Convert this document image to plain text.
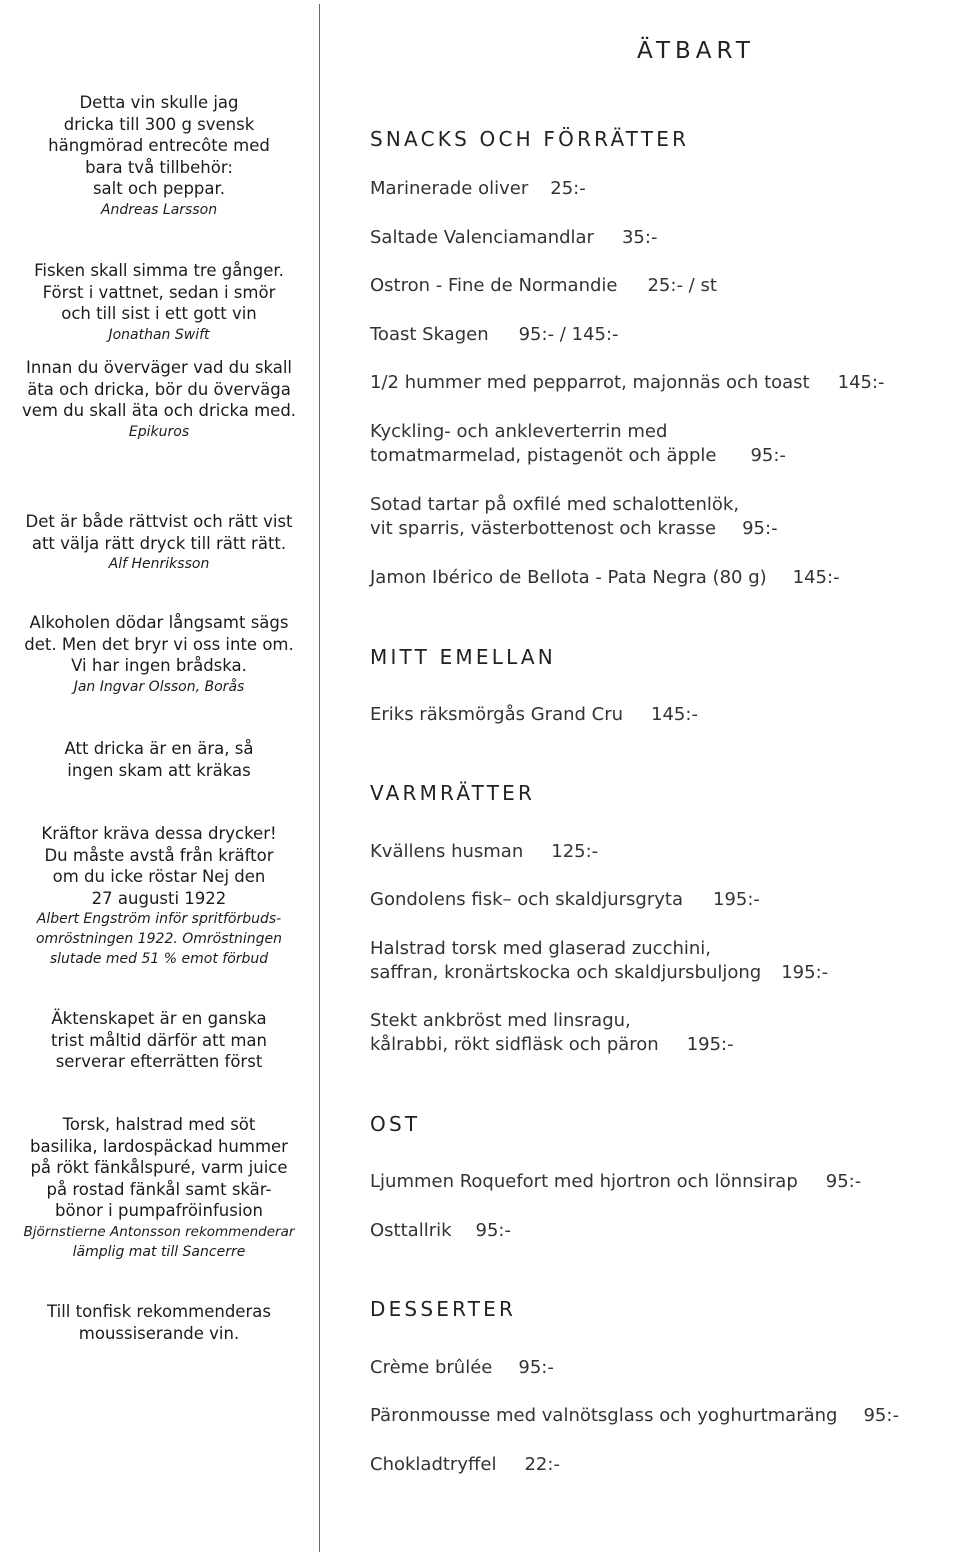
Detta vin skulle jag
dricka till 300 g svensk
hängmörad entrecôte med
bara två tillbehör:
salt och peppar.
Andreas Larsson
Fisken skall simma tre gånger.
Först i vattnet, sedan i smör
och till sist i ett gott vin
Jonathan Swift
Innan du överväger vad du skall
äta och dricka, bör du överväga
vem du skall äta och dricka med.
Epikuros
Det är både rättvist och rätt vist
att välja rätt dryck till rätt rätt.
Alf Henriksson
Alkoholen dödar långsamt sägs
det. Men det bryr vi oss inte om.
Vi har ingen brådska.
Jan Ingvar Olsson, Borås
Att dricka är en ära, så
ingen skam att kräkas
Kräftor kräva dessa drycker!
Du måste avstå från kräftor
om du icke röstar Nej den
27 augusti 1922
Albert Engström inför spritförbuds-
omröstningen 1922. Omröstningen
slutade med 51 % emot förbud
Äktenskapet är en ganska
trist måltid därför att man
serverar efterrätten först
Torsk, halstrad med söt
basilika, lardospäckad hummer
på rökt fänkålspuré, varm juice
på rostad fänkål samt skär-
bönor i pumpafröinfusion
Björnstierne Antonsson rekommenderar
lämplig mat till Sancerre
Till tonfisk rekommenderas
moussiserande vin.
ÄTBART
SNACKS OCH FÖRRÄTTER
Marinerade oliver 25:-
Saltade Valenciamandlar 35:-
Ostron - Fine de Normandie 25:- / st
Toast Skagen 95:- / 145:-
1/2 hummer med pepparrot, majonnäs och toast 145:-
Kyckling- och ankleverterrin med
tomatmarmelad, pistagenöt och äpple 95:-
Sotad tartar på oxfilé med schalottenlök,
vit sparris, västerbottenost och krasse 95:-
Jamon Ibérico de Bellota - Pata Negra (80 g) 145:-
MITT EMELLAN
Eriks räksmörgås Grand Cru 145:-
VARMRÄTTER
Kvällens husman 125:-
Gondolens fisk– och skaldjursgryta 195:-
Halstrad torsk med glaserad zucchini,
saffran, kronärtskocka och skaldjursbuljong 195:-
Stekt ankbröst med linsragu,
kålrabbi, rökt sidfläsk och päron 195:-
OST
Ljummen Roquefort med hjortron och lönnsirap 95:-
Osttallrik 95:-
DESSERTER
Crème brûlée 95:-
Päronmousse med valnötsglass och yoghurtmaräng 95:-
Chokladtryffel 22:-
